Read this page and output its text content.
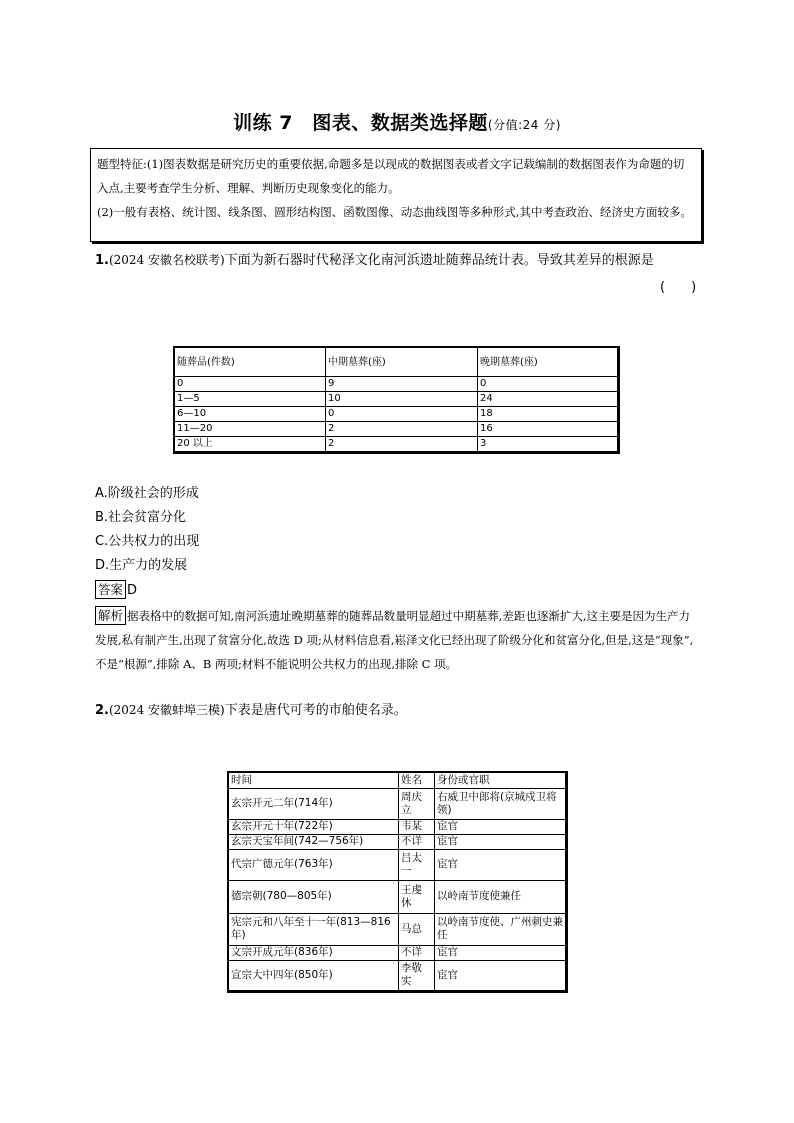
训练 7　图表、数据类选择题(分值:24 分)

题型特征:(1)图表数据是研究历史的重要依据,命题多是以现成的数据图表或者文字记载编制的数据图表作为命题的切入点,主要考查学生分析、理解、判断历史现象变化的能力。

(2)一般有表格、统计图、线条图、圆形结构图、函数图像、动态曲线图等多种形式,其中考查政治、经济史方面较多。

1.(2024 安徽名校联考)下面为新石器时代秘泽文化南河浜遗址随葬品统计表。导致其差异的根源是
(　　)
随葬品(件数)	中期墓葬(座)	晚期墓葬(座)
0	9	0
1—5	10	24
6—10	0	18
11—20	2	16
20 以上	2	3
A.阶级社会的形成
B.社会贫富分化
C.公共权力的出现
D.生产力的发展
答案 D
解析 据表格中的数据可知,南河浜遗址晚期墓葬的随葬品数量明显超过中期墓葬,差距也逐渐扩大,这主要是因为生产力发展,私有制产生,出现了贫富分化,故选 D 项;从材料信息看,崧泽文化已经出现了阶级分化和贫富分化,但是,这是“现象”,不是“根源”,排除 A、B 两项;材料不能说明公共权力的出现,排除 C 项。
2.(2024 安徽蚌埠三模)下表是唐代可考的市舶使名录。
时间	姓名	身份或官职
玄宗开元二年(714年)	周庆立	右威卫中郎将(京城戍卫将领)
玄宗开元十年(722年)	韦某	宦官
玄宗天宝年间(742—756年)	不详	宦官
代宗广德元年(763年)	吕太一	宦官
德宗朝(780—805年)	王虔休	以岭南节度使兼任
宪宗元和八年至十一年(813—816年)	马总	以岭南节度使、广州刺史兼任
文宗开成元年(836年)	不详	宦官
宣宗大中四年(850年)	李敬实	宦官
